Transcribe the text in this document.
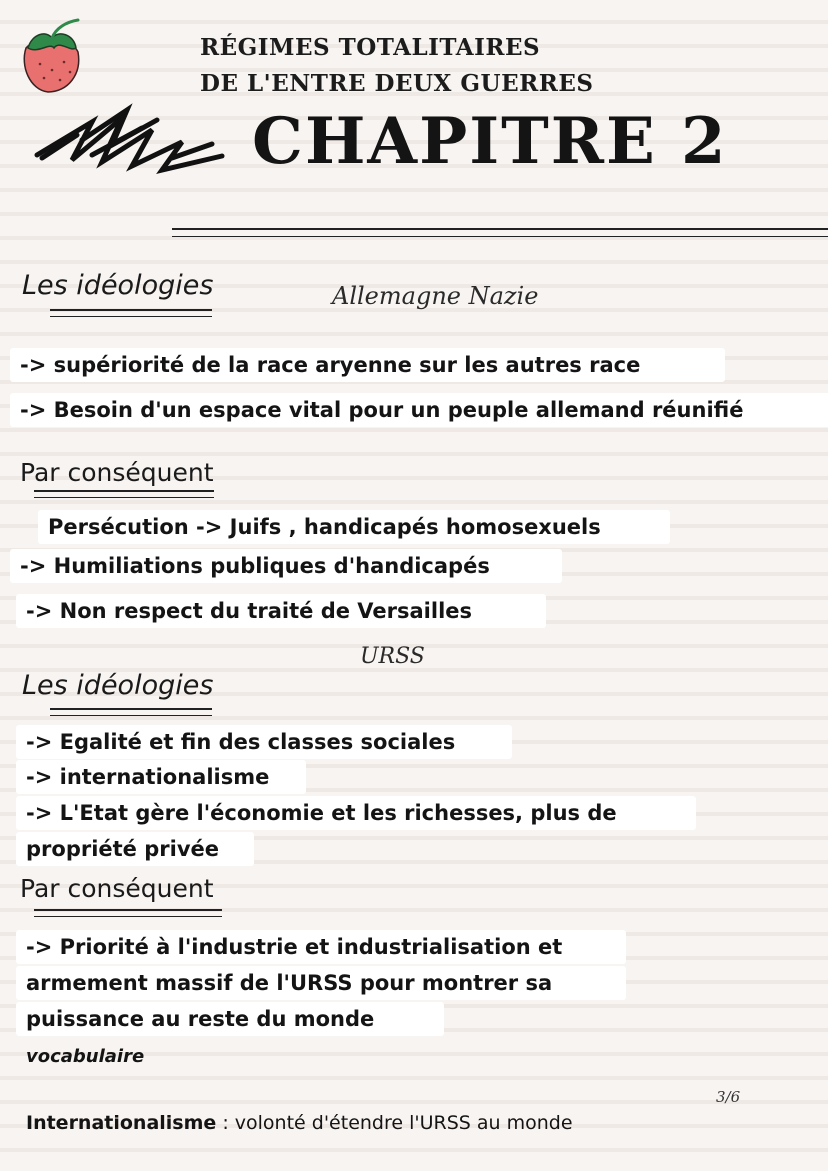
RÉGIMES TOTALITAIRES
DE L'ENTRE DEUX GUERRES
CHAPITRE 2
Les idéologies	Allemagne Nazie
-> supériorité de la race aryenne sur les autres race
-> Besoin d'un espace vital pour un peuple allemand réunifié
Par conséquent
Persécution -> Juifs , handicapés homosexuels
-> Humiliations publiques d'handicapés
-> Non respect du traité de Versailles
URSS
Les idéologies
-> Egalité et fin des classes sociales
-> internationalisme
-> L'Etat gère l'économie et les richesses, plus de
propriété privée
Par conséquent
-> Priorité à l'industrie et industrialisation et
armement massif de l'URSS pour montrer sa
puissance au reste du monde
vocabulaire
3/6
Internationalisme : volonté d'étendre l'URSS au monde
